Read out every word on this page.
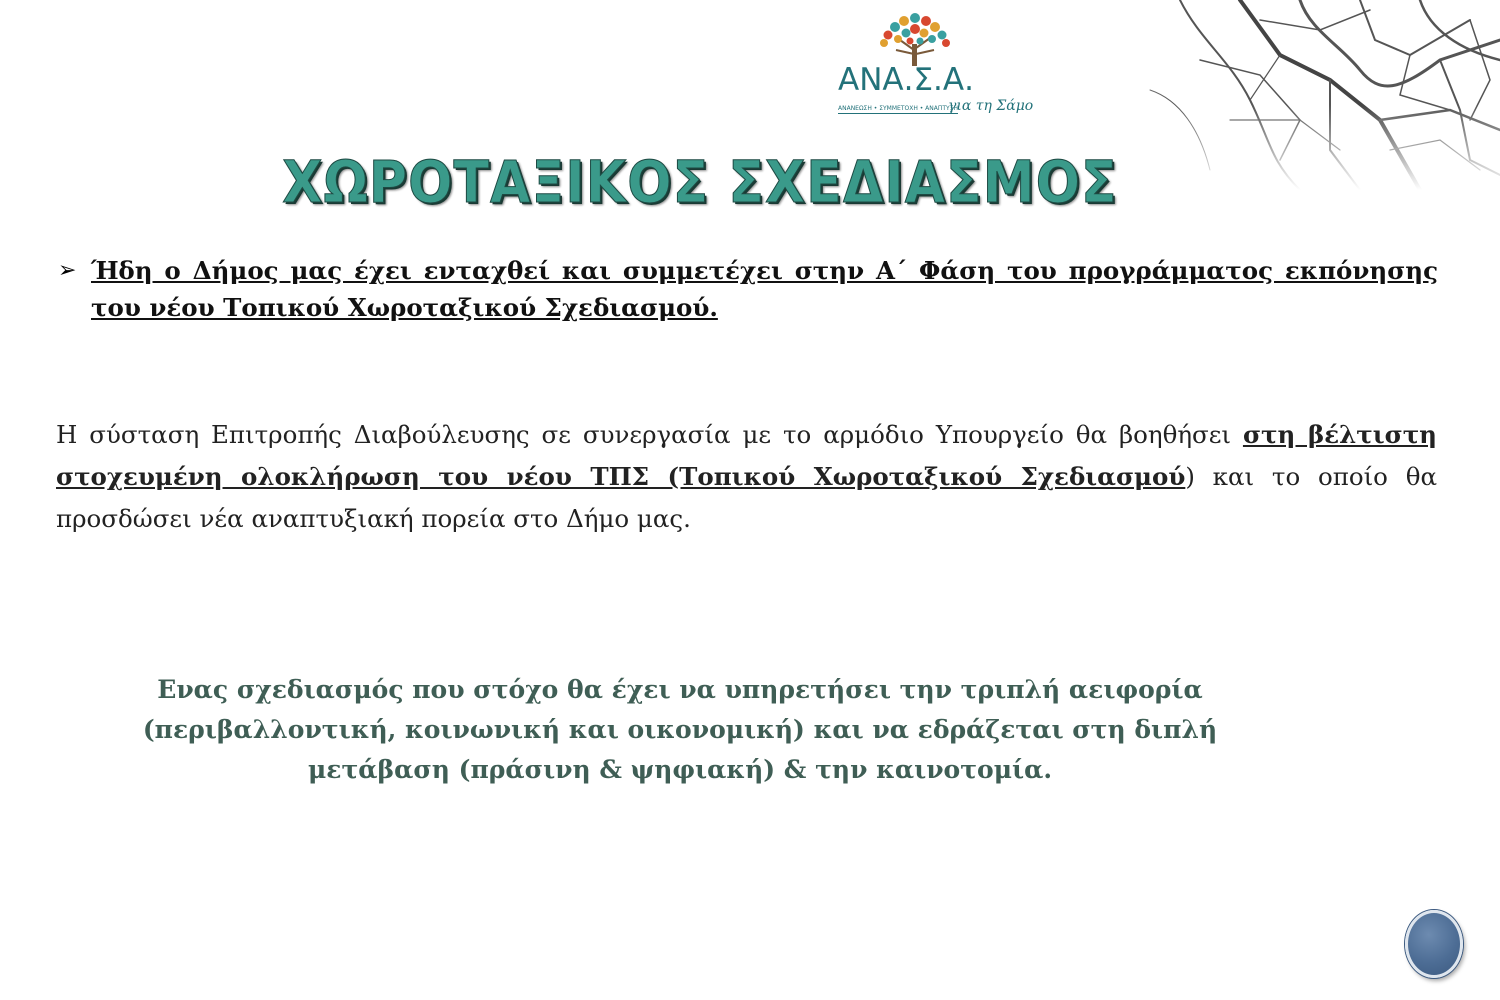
ΑΝΑ.Σ.Α.
ΑΝΑΝΕΩΣΗ • ΣΥΜΜΕΤΟΧΗ • ΑΝΑΠΤΥΞΗ
για τη Σάμο
ΧΩΡΟΤΑΞΙΚΟΣ ΣΧΕΔΙΑΣΜΟΣ
➢ Ήδη ο Δήμος μας έχει ενταχθεί και συμμετέχει στην Α΄ Φάση του προγράμματος εκπόνησης του νέου Τοπικού Χωροταξικού Σχεδιασμού.
Η σύσταση Επιτροπής Διαβούλευσης σε συνεργασία με το αρμόδιο Υπουργείο θα βοηθήσει στη βέλτιστη στοχευμένη ολοκλήρωση του νέου ΤΠΣ (Τοπικού Χωροταξικού Σχεδιασμού) και το οποίο θα προσδώσει νέα αναπτυξιακή πορεία στο Δήμο μας.
Ενας σχεδιασμός που στόχο θα έχει να υπηρετήσει την τριπλή αειφορία
(περιβαλλοντική, κοινωνική και οικονομική) και να εδράζεται στη διπλή
μετάβαση (πράσινη & ψηφιακή) & την καινοτομία.
